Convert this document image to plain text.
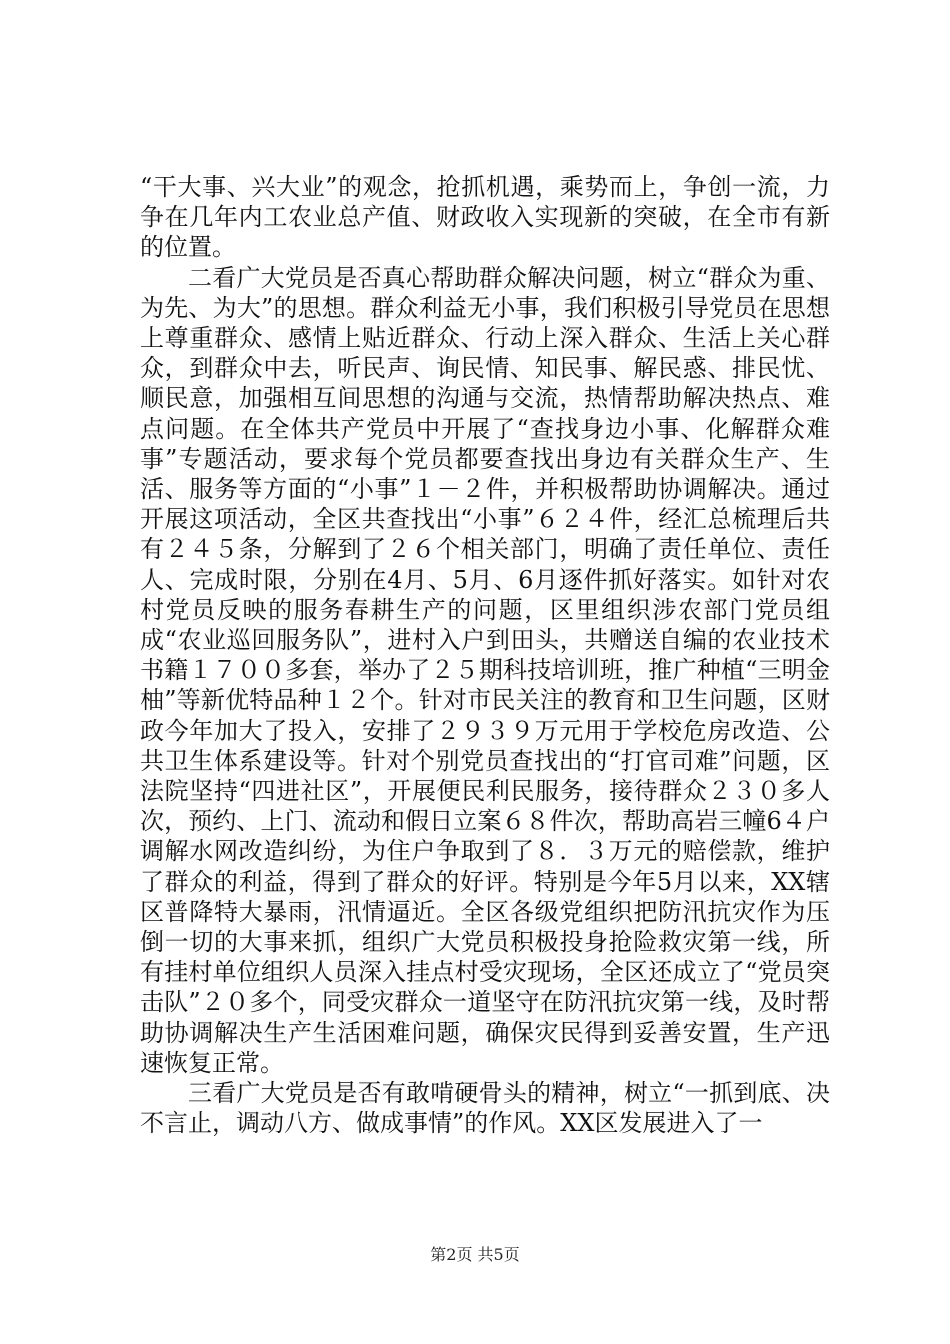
“干大事、兴大业”的观念，抢抓机遇，乘势而上，争创一流，力争在几年内工农业总产值、财政收入实现新的突破，在全市有新的位置。

二看广大党员是否真心帮助群众解决问题，树立“群众为重、为先、为大”的思想。群众利益无小事，我们积极引导党员在思想上尊重群众、感情上贴近群众、行动上深入群众、生活上关心群众，到群众中去，听民声、询民情、知民事、解民惑、排民忧、顺民意，加强相互间思想的沟通与交流，热情帮助解决热点、难点问题。在全体共产党员中开展了“查找身边小事、化解群众难事”专题活动，要求每个党员都要查找出身边有关群众生产、生活、服务等方面的“小事”１－２件，并积极帮助协调解决。通过开展这项活动，全区共查找出“小事”６２４件，经汇总梳理后共有２４５条，分解到了２６个相关部门，明确了责任单位、责任人、完成时限，分别在4月、5月、6月逐件抓好落实。如针对农村党员反映的服务春耕生产的问题，区里组织涉农部门党员组成“农业巡回服务队”，进村入户到田头，共赠送自编的农业技术书籍１７００多套，举办了２５期科技培训班，推广种植“三明金柚”等新优特品种１２个。针对市民关注的教育和卫生问题，区财政今年加大了投入，安排了２９３９万元用于学校危房改造、公共卫生体系建设等。针对个别党员查找出的“打官司难”问题，区法院坚持“四进社区”，开展便民利民服务，接待群众２３０多人次，预约、上门、流动和假日立案６８件次，帮助高岩三幢6４户调解水网改造纠纷，为住户争取到了８．３万元的赔偿款，维护了群众的利益，得到了群众的好评。特别是今年5月以来，XX辖区普降特大暴雨，汛情逼近。全区各级党组织把防汛抗灾作为压倒一切的大事来抓，组织广大党员积极投身抢险救灾第一线，所有挂村单位组织人员深入挂点村受灾现场，全区还成立了“党员突击队”２０多个，同受灾群众一道坚守在防汛抗灾第一线，及时帮助协调解决生产生活困难问题，确保灾民得到妥善安置，生产迅速恢复正常。

三看广大党员是否有敢啃硬骨头的精神，树立“一抓到底、决不言止，调动八方、做成事情”的作风。XX区发展进入了一

第2页 共5页
